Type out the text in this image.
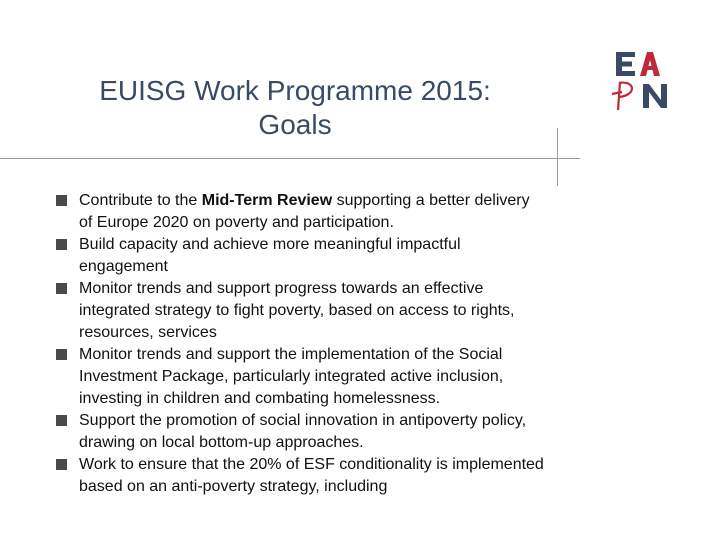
EUISG Work Programme 2015:
Goals
Contribute to the Mid-Term Review supporting a better delivery of Europe 2020 on poverty and participation.
Build capacity and achieve more meaningful impactful engagement
Monitor trends and support progress towards an effective integrated strategy to fight poverty, based on access to rights, resources, services
Monitor trends and support the implementation of the Social Investment Package, particularly integrated active inclusion, investing in children and combating homelessness.
Support the promotion of social innovation in antipoverty policy, drawing on local bottom-up approaches.
Work to ensure that the 20% of ESF conditionality is implemented based on an anti-poverty strategy, including
